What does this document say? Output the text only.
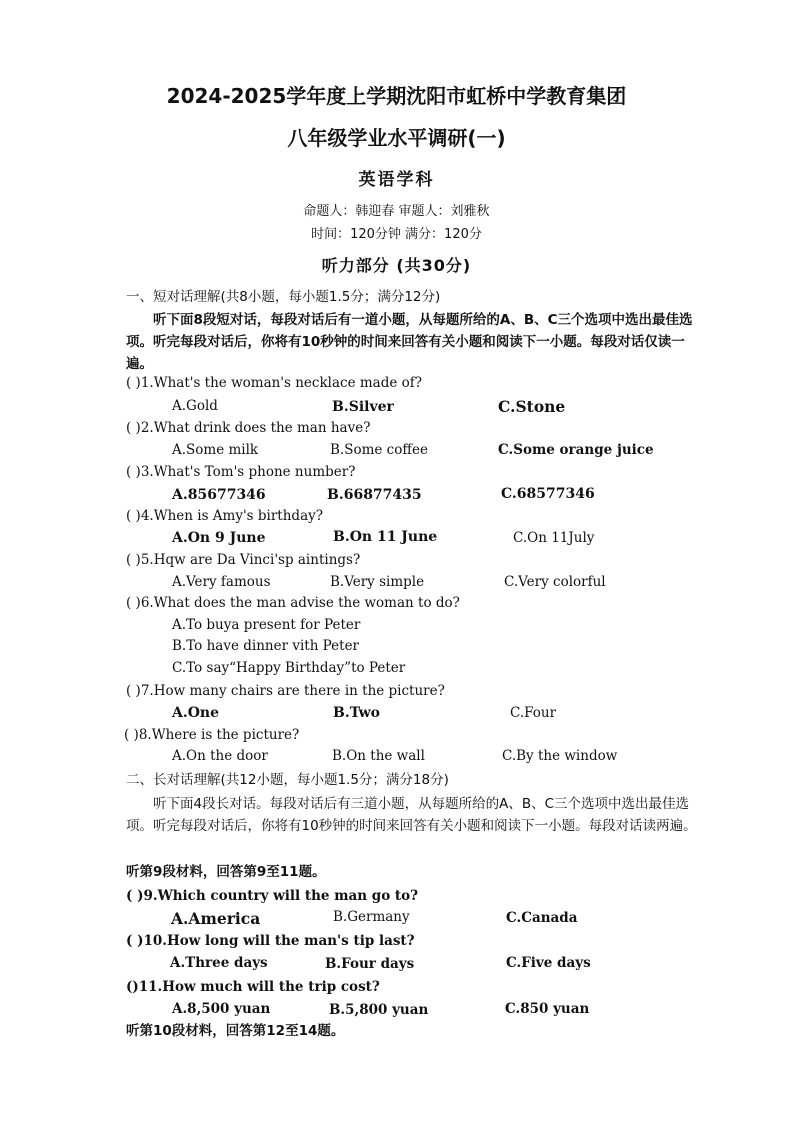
2024-2025学年度上学期沈阳市虹桥中学教育集团
八年级学业水平调研(一)
英语学科
命题人：韩迎春 审题人：刘雅秋
时间：120分钟 满分：120分
听力部分 (共30分)
一、短对话理解(共8小题，每小题1.5分；满分12分)
听下面8段短对话，每段对话后有一道小题，从每题所给的A、B、C三个选项中选出最佳选项。听完每段对话后，你将有10秒钟的时间来回答有关小题和阅读下一小题。每段对话仅读一遍。
( )1.What's the woman's necklace made of?
A.Gold	B.Silver	C.Stone
( )2.What drink does the man have?
A.Some milk	B.Some coffee	C.Some orange juice
( )3.What's Tom's phone number?
A.85677346	B.66877435	C.68577346
( )4.When is Amy's birthday?
A.On 9 June	B.On 11 June	C.On 11July
( )5.Hqw are Da Vinci'sp aintings?
A.Very famous	B.Very simple	C.Very colorful
( )6.What does the man advise the woman to do?
A.To buya present for Peter
B.To have dinner vith Peter
C.To say“Happy Birthday”to Peter
( )7.How many chairs are there in the picture?
A.One	B.Two	C.Four
( )8.Where is the picture?
A.On the door	B.On the wall	C.By the window
二、长对话理解(共12小题，每小题1.5分；满分18分)
听下面4段长对话。每段对话后有三道小题，从每题所给的A、B、C三个选项中选出最佳选项。听完每段对话后，你将有10秒钟的时间来回答有关小题和阅读下一小题。每段对话读两遍。
听第9段材料，回答第9至11题。
( )9.Which country will the man go to?
A.America	B.Germany	C.Canada
( )10.How long will the man's tip last?
A.Three days	B.Four days	C.Five days
()11.How much will the trip cost?
A.8,500 yuan	B.5,800 yuan	C.850 yuan
听第10段材料，回答第12至14题。
